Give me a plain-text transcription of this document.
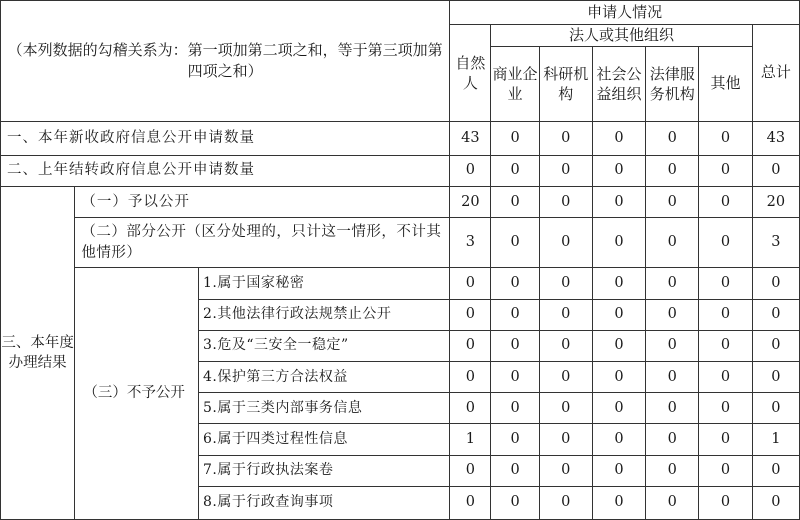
（本列数据的勾稽关系为：第一项加第二项之和，等于第三项加第四项之和）			申请人情况						
			自然人	法人或其他组织					总计
				商业企业	科研机构	社会公益组织	法律服务机构	其他	
一、本年新收政府信息公开申请数量			43	0	0	0	0	0	43
二、上年结转政府信息公开申请数量			0	0	0	0	0	0	0
三、本年度办理结果	（一）予以公开		20	0	0	0	0	0	20
	（二）部分公开（区分处理的，只计这一情形，不计其他情形）		3	0	0	0	0	0	3
	（三）不予公开	1.属于国家秘密	0	0	0	0	0	0	0
		2.其他法律行政法规禁止公开	0	0	0	0	0	0	0
		3.危及“三安全一稳定”	0	0	0	0	0	0	0
		4.保护第三方合法权益	0	0	0	0	0	0	0
		5.属于三类内部事务信息	0	0	0	0	0	0	0
		6.属于四类过程性信息	1	0	0	0	0	0	1
		7.属于行政执法案卷	0	0	0	0	0	0	0
		8.属于行政查询事项	0	0	0	0	0	0	0
